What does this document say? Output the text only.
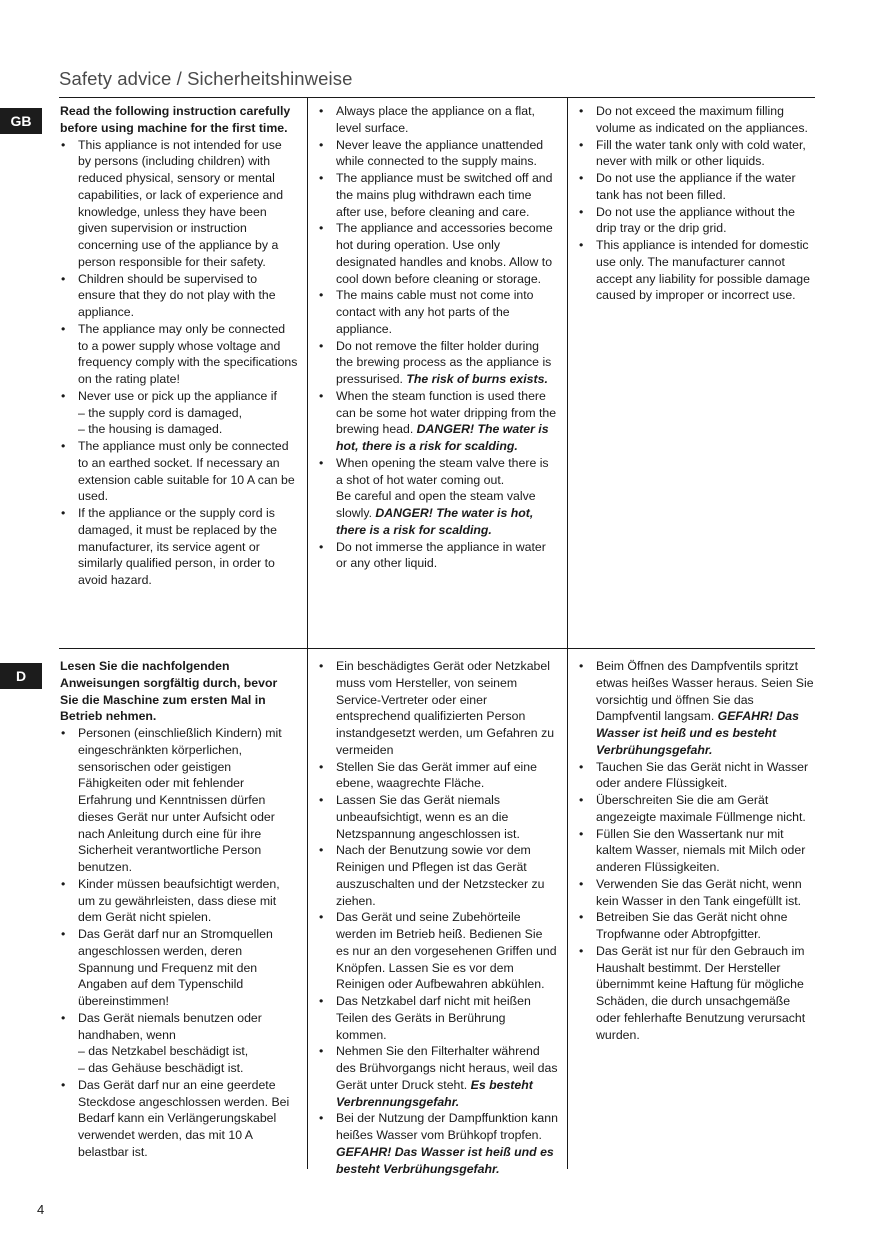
Safety advice / Sicherheitshinweise
GB
D

Read the following instruction carefully before using machine for the first time.

• This appliance is not intended for use by persons (including children) with reduced physical, sensory or mental capabilities, or lack of experience and knowledge, unless they have been given supervision or instruction concerning use of the appliance by a person responsible for their safety.
• Children should be supervised to ensure that they do not play with the appliance.
• The appliance may only be connected to a power supply whose voltage and frequency comply with the specifications on the rating plate!
• Never use or pick up the appliance if
– the supply cord is damaged,
– the housing is damaged.
• The appliance must only be connected to an earthed socket. If necessary an extension cable suitable for 10 A can be used.
• If the appliance or the supply cord is damaged, it must be replaced by the manufacturer, its service agent or similarly qualified person, in order to avoid hazard.
• Always place the appliance on a flat, level surface.
• Never leave the appliance unattended while connected to the supply mains.
• The appliance must be switched off and the mains plug withdrawn each time after use, before cleaning and care.
• The appliance and accessories become hot during operation. Use only designated handles and knobs. Allow to cool down before cleaning or storage.
• The mains cable must not come into contact with any hot parts of the appliance.
• Do not remove the filter holder during the brewing process as the appliance is pressurised. The risk of burns exists.
• When the steam function is used there can be some hot water dripping from the brewing head. DANGER! The water is hot, there is a risk for scalding.
• When opening the steam valve there is a shot of hot water coming out.
Be careful and open the steam valve slowly. DANGER! The water is hot, there is a risk for scalding.
• Do not immerse the appliance in water or any other liquid.
• Do not exceed the maximum filling volume as indicated on the appliances.
• Fill the water tank only with cold water, never with milk or other liquids.
• Do not use the appliance if the water tank has not been filled.
• Do not use the appliance without the drip tray or the drip grid.
• This appliance is intended for domestic use only. The manufacturer cannot accept any liability for possible damage caused by improper or incorrect use.

Lesen Sie die nachfolgenden Anweisungen sorgfältig durch, bevor Sie die Maschine zum ersten Mal in Betrieb nehmen.

• Personen (einschließlich Kindern) mit eingeschränkten körperlichen, sensorischen oder geistigen Fähigkeiten oder mit fehlender Erfahrung und Kenntnissen dürfen dieses Gerät nur unter Aufsicht oder nach Anleitung durch eine für ihre Sicherheit verantwortliche Person benutzen.
• Kinder müssen beaufsichtigt werden, um zu gewährleisten, dass diese mit dem Gerät nicht spielen.
• Das Gerät darf nur an Stromquellen angeschlossen werden, deren Spannung und Frequenz mit den Angaben auf dem Typenschild übereinstimmen!
• Das Gerät niemals benutzen oder handhaben, wenn
– das Netzkabel beschädigt ist,
– das Gehäuse beschädigt ist.
• Das Gerät darf nur an eine geerdete Steckdose angeschlossen werden. Bei Bedarf kann ein Verlängerungskabel verwendet werden, das mit 10 A belastbar ist.
• Ein beschädigtes Gerät oder Netzkabel muss vom Hersteller, von seinem Service-Vertreter oder einer entsprechend qualifizierten Person instandgesetzt werden, um Gefahren zu vermeiden
• Stellen Sie das Gerät immer auf eine ebene, waagrechte Fläche.
• Lassen Sie das Gerät niemals unbeaufsichtigt, wenn es an die Netzspannung angeschlossen ist.
• Nach der Benutzung sowie vor dem Reinigen und Pflegen ist das Gerät auszuschalten und der Netzstecker zu ziehen.
• Das Gerät und seine Zubehörteile werden im Betrieb heiß. Bedienen Sie es nur an den vorgesehenen Griffen und Knöpfen. Lassen Sie es vor dem Reinigen oder Aufbewahren abkühlen.
• Das Netzkabel darf nicht mit heißen Teilen des Geräts in Berührung kommen.
• Nehmen Sie den Filterhalter während des Brühvorgangs nicht heraus, weil das Gerät unter Druck steht. Es besteht Verbrennungsgefahr.
• Bei der Nutzung der Dampffunktion kann heißes Wasser vom Brühkopf tropfen. GEFAHR! Das Wasser ist heiß und es besteht Verbrühungsgefahr.
• Beim Öffnen des Dampfventils spritzt etwas heißes Wasser heraus. Seien Sie vorsichtig und öffnen Sie das Dampfventil langsam. GEFAHR! Das Wasser ist heiß und es besteht Verbrühungsgefahr.
• Tauchen Sie das Gerät nicht in Wasser oder andere Flüssigkeit.
• Überschreiten Sie die am Gerät angezeigte maximale Füllmenge nicht.
• Füllen Sie den Wassertank nur mit kaltem Wasser, niemals mit Milch oder anderen Flüssigkeiten.
• Verwenden Sie das Gerät nicht, wenn kein Wasser in den Tank eingefüllt ist.
• Betreiben Sie das Gerät nicht ohne Tropfwanne oder Abtropfgitter.
• Das Gerät ist nur für den Gebrauch im Haushalt bestimmt. Der Hersteller übernimmt keine Haftung für mögliche Schäden, die durch unsachgemäße oder fehlerhafte Benutzung verursacht wurden.
4
